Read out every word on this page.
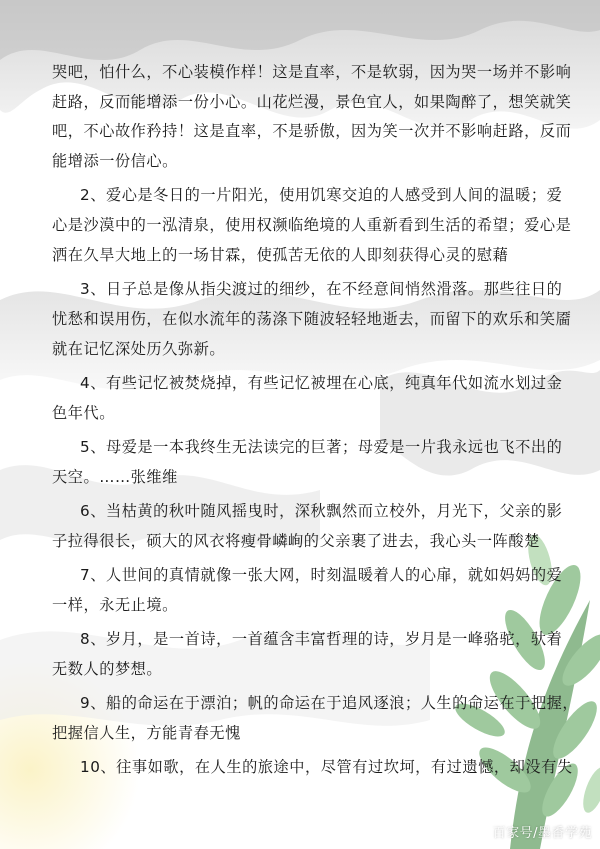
哭吧，怕什么，不心装模作样！这是直率，不是软弱，因为哭一场并不影响
赶路，反而能增添一份小心。山花烂漫，景色宜人，如果陶醉了，想笑就笑
吧，不心故作矜持！这是直率，不是骄傲，因为笑一次并不影响赶路，反而
能增添一份信心。
2、爱心是冬日的一片阳光，使用饥寒交迫的人感受到人间的温暖；爱
心是沙漠中的一泓清泉，使用权濒临绝境的人重新看到生活的希望；爱心是
洒在久旱大地上的一场甘霖，使孤苦无依的人即刻获得心灵的慰藉
3、日子总是像从指尖渡过的细纱，在不经意间悄然滑落。那些往日的
忧愁和误用伤，在似水流年的荡涤下随波轻轻地逝去，而留下的欢乐和笑靥
就在记忆深处历久弥新。
4、有些记忆被焚烧掉，有些记忆被埋在心底，纯真年代如流水划过金
色年代。
5、母爱是一本我终生无法读完的巨著；母爱是一片我永远也飞不出的
天空。……张维维
6、当枯黄的秋叶随风摇曳时，深秋飘然而立校外，月光下，父亲的影
子拉得很长，硕大的风衣将瘦骨嶙峋的父亲裹了进去，我心头一阵酸楚
7、人世间的真情就像一张大网，时刻温暖着人的心扉，就如妈妈的爱
一样，永无止境。
8、岁月，是一首诗，一首蕴含丰富哲理的诗，岁月是一峰骆驼，驮着
无数人的梦想。
9、船的命运在于漂泊；帆的命运在于追风逐浪；人生的命运在于把握，
把握信人生，方能青春无愧
10、往事如歌，在人生的旅途中，尽管有过坎坷，有过遗憾，却没有失
百家号/墨香学苑
